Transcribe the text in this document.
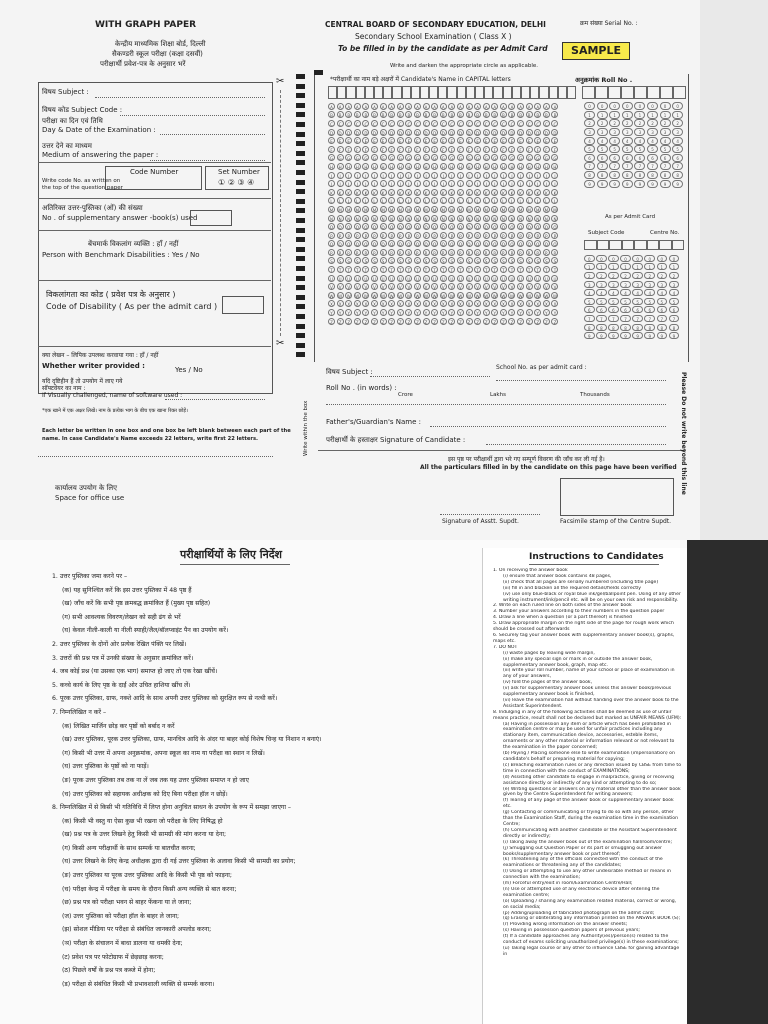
WITH GRAPH PAPER
केन्द्रीय माध्यमिक शिक्षा बोर्ड, दिल्ली
सैकण्डरी स्कूल परीक्षा (कक्षा दसवीं)
परीक्षार्थी प्रवेश-पत्र के अनुसार भरें
CENTRAL BOARD OF SECONDARY EDUCATION, DELHI
Secondary School Examination ( Class X )
To be filled in by the candidate as per Admit Card
Write and darken the appropriate circle as applicable.
क्रम संख्या Serial No. :
SAMPLE
विषय Subject :
विषय कोड Subject Code :
परीक्षा का दिन एवं तिथि
Day & Date of the Examination :
उत्तर देने का माध्यम
Medium of answering the paper :
Code Number	Set Number
① ② ③ ④
Write code No. as written on
the top of the question paper
अतिरिक्त उत्तर-पुस्तिका (ओं) की संख्या
No . of supplementary answer -book(s) used
बेंचमार्क विकलांग व्यक्ति : हाँ / नहीं
Person with Benchmark Disabilities : Yes / No
विकलांगता का कोड ( प्रवेश पत्र के अनुसार )
Code of Disability ( As per the admit card )
क्या लेखन – लिपिक उपलब्ध करवाया गया : हाँ / नहीं
Whether writer provided :	Yes / No
यदि दृष्टिहीन हैं तो उपयोग में लाए गये
सॉफ्टवेयर का नाम :
If Visually challenged, name of software used :
*एक खाने में एक अक्षर लिखें। नाम के प्रत्येक भाग के बीच एक खाना रिक्त छोड़ें।
Each letter be written in one box and one box be left blank between each part of the
name. In case Candidate's Name exceeds 22 letters, write first 22 letters.
कार्यालय उपयोग के लिए
Space for office use
✂
✂
*परीक्षार्थी का नाम बड़े अक्षरों में Candidate's Name in CAPITAL letters	अनुक्रमांक Roll No .
A	A	A	A	A	A	A	A	A	A	A	A	A	A	A	A	A	A	A	A	A	A	A	A	A	A	A
B	B	B	B	B	B	B	B	B	B	B	B	B	B	B	B	B	B	B	B	B	B	B	B	B	B	B
C	C	C	C	C	C	C	C	C	C	C	C	C	C	C	C	C	C	C	C	C	C	C	C	C	C	C
D	D	D	D	D	D	D	D	D	D	D	D	D	D	D	D	D	D	D	D	D	D	D	D	D	D	D
E	E	E	E	E	E	E	E	E	E	E	E	E	E	E	E	E	E	E	E	E	E	E	E	E	E	E
F	F	F	F	F	F	F	F	F	F	F	F	F	F	F	F	F	F	F	F	F	F	F	F	F	F	F
G	G	G	G	G	G	G	G	G	G	G	G	G	G	G	G	G	G	G	G	G	G	G	G	G	G	G
H	H	H	H	H	H	H	H	H	H	H	H	H	H	H	H	H	H	H	H	H	H	H	H	H	H	H
I	I	I	I	I	I	I	I	I	I	I	I	I	I	I	I	I	I	I	I	I	I	I	I	I	I	I
J	J	J	J	J	J	J	J	J	J	J	J	J	J	J	J	J	J	J	J	J	J	J	J	J	J	J
K	K	K	K	K	K	K	K	K	K	K	K	K	K	K	K	K	K	K	K	K	K	K	K	K	K	K
L	L	L	L	L	L	L	L	L	L	L	L	L	L	L	L	L	L	L	L	L	L	L	L	L	L	L
M	M	M	M	M	M	M	M	M	M	M	M	M	M	M	M	M	M	M	M	M	M	M	M	M	M	M
N	N	N	N	N	N	N	N	N	N	N	N	N	N	N	N	N	N	N	N	N	N	N	N	N	N	N
O	O	O	O	O	O	O	O	O	O	O	O	O	O	O	O	O	O	O	O	O	O	O	O	O	O	O
P	P	P	P	P	P	P	P	P	P	P	P	P	P	P	P	P	P	P	P	P	P	P	P	P	P	P
Q	Q	Q	Q	Q	Q	Q	Q	Q	Q	Q	Q	Q	Q	Q	Q	Q	Q	Q	Q	Q	Q	Q	Q	Q	Q	Q
R	R	R	R	R	R	R	R	R	R	R	R	R	R	R	R	R	R	R	R	R	R	R	R	R	R	R
S	S	S	S	S	S	S	S	S	S	S	S	S	S	S	S	S	S	S	S	S	S	S	S	S	S	S
T	T	T	T	T	T	T	T	T	T	T	T	T	T	T	T	T	T	T	T	T	T	T	T	T	T	T
U	U	U	U	U	U	U	U	U	U	U	U	U	U	U	U	U	U	U	U	U	U	U	U	U	U	U
V	V	V	V	V	V	V	V	V	V	V	V	V	V	V	V	V	V	V	V	V	V	V	V	V	V	V
W	W	W	W	W	W	W	W	W	W	W	W	W	W	W	W	W	W	W	W	W	W	W	W	W	W	W
X	X	X	X	X	X	X	X	X	X	X	X	X	X	X	X	X	X	X	X	X	X	X	X	X	X	X
Y	Y	Y	Y	Y	Y	Y	Y	Y	Y	Y	Y	Y	Y	Y	Y	Y	Y	Y	Y	Y	Y	Y	Y	Y	Y	Y
Z	Z	Z	Z	Z	Z	Z	Z	Z	Z	Z	Z	Z	Z	Z	Z	Z	Z	Z	Z	Z	Z	Z	Z	Z	Z	Z
0	0	0	0	0	0	0	0
1	1	1	1	1	1	1	1
2	2	2	2	2	2	2	2
3	3	3	3	3	3	3	3
4	4	4	4	4	4	4	4
5	5	5	5	5	5	5	5
6	6	6	6	6	6	6	6
7	7	7	7	7	7	7	7
8	8	8	8	8	8	8	8
9	9	9	9	9	9	9	9
As per Admit Card
Subject Code	Centre No.
0	0	0	0	0	0	0	0
1	1	1	1	1	1	1	1
2	2	2	2	2	2	2	2
3	3	3	3	3	3	3	3
4	4	4	4	4	4	4	4
5	5	5	5	5	5	5	5
6	6	6	6	6	6	6	6
7	7	7	7	7	7	7	7
8	8	8	8	8	8	8	8
9	9	9	9	9	9	9	9
विषय Subject :
School No. as per admit card :
Roll No . (in words) :
Crore	Lakhs	Thousands
Father's/Guardian's Name :
परीक्षार्थी के हस्ताक्षर Signature of Candidate :
Write within the box
इस पृष्ठ पर परीक्षार्थी द्वारा भरे गए सम्पूर्ण विवरण की जाँच कर ली गई है।
All the particulars filled in by the candidate on this page have been verified
Signature of Asstt. Supdt.	Facsimile stamp of the Centre Supdt.
Please Do not write beyond this line
परीक्षार्थियों के लिए निर्देश
1. उत्तर पुस्तिका जमा करने पर –
(क) यह सुनिश्चित करें कि इस उत्तर पुस्तिका में 48 पृष्ठ हैं
(ख) जाँच करें कि सभी पृष्ठ क्रमबद्ध क्रमांकित हैं (मुख्य पृष्ठ सहित)
(ग) सभी आवश्यक विवरण/लेखन को सही ढंग से भरें
(घ) केवल नीली-काली या नीली स्याही/जैल/बॉलप्वाइंट पैन का उपयोग करें।
2. उत्तर पुस्तिका के दोनों ओर प्रत्येक रेखित पंक्ति पर लिखें।
3. उत्तरों की प्रश्न पत्र में उनकी संख्या के अनुसार क्रमांकित करें।
4. जब कोई प्रश्न (या उसका एक भाग) समाप्त हो जाए तो एक रेखा खींचें।
5. कच्चे कार्य के लिए पृष्ठ के दाईं ओर उचित हाशिया खींच लें।
6. पूरक उत्तर पुस्तिका, ग्राफ, नक्शे आदि के साथ अपनी उत्तर पुस्तिका को सुरक्षित रूप से नत्थी करें।
7. निम्नलिखित न करें –
(क) लिखित मार्जिन छोड़ कर पृष्ठों को बर्बाद न करें
(ख) उत्तर पुस्तिका, पूरक उत्तर पुस्तिका, ग्राफ, मानचित्र आदि के अंदर या बाहर कोई विशेष चिन्ह या निशान न बनाएं।
(ग) किसी भी उत्तर में अपना अनुक्रमांक, अपना स्कूल का नाम या परीक्षा का स्थान न लिखें।
(घ) उत्तर पुस्तिका के पृष्ठों को ना फाड़ें।
(ङ) पूरक उत्तर पुस्तिका तब तक ना लें जब तक यह उत्तर पुस्तिका समाप्त न हो जाए
(च) उत्तर पुस्तिका को सहायक अधीक्षक को दिए बिना परीक्षा हॉल न छोड़ें।
8. निम्नलिखित में से किसी भी गतिविधि में लिप्त होना अनुचित साधन के उपयोग के रूप में समझा जाएगा –
(क) किसी भी वस्तु या ऐसा कुछ भी रखना जो परीक्षा के लिए निषिद्ध हो
(ख) प्रश्न पत्र के उत्तर लिखने हेतु किसी भी सामग्री की मांग करना या देना;
(ग) किसी अन्य परीक्षार्थी के साथ सम्पर्क या बातचीत करना;
(घ) उत्तर लिखने के लिए केन्द्र अधीक्षक द्वारा दी गई उत्तर पुस्तिका के अलावा किसी भी सामग्री का प्रयोग;
(ङ) उत्तर पुस्तिका या पूरक उत्तर पुस्तिका आदि के किसी भी पृष्ठ को फाड़ना;
(च) परीक्षा केन्द्र में परीक्षा के समय के दौरान किसी अन्य व्यक्ति से बात करना;
(छ) प्रश्न पत्र को परीक्षा भवन से बाहर फेंकना या ले जाना;
(ज) उत्तर पुस्तिका को परीक्षा हॉल के बाहर ले जाना;
(झ) सोशल मीडिया पर परीक्षा से संबंधित जानकारी अपलोड करना;
(ञ) परीक्षा के संचालन में बाधा डालना या धमकी देना;
(ट) प्रवेश पत्र पर फोटोग्राफ में छेड़छाड़ करना;
(ठ) पिछले वर्षों के प्रश्न पत्र कब्जे में होना;
(ड) परीक्षा से संबंधित किसी भी प्रभावशाली व्यक्ति से सम्पर्क करना।
Instructions to Candidates
1. On receiving the answer book
(i) ensure that answer book contains 48 pages,
(ii) check that all pages are serially numbered (including title page)
(iii) fill in and blacken all the required details/fields correctly
(iv) use only blue-black or royal blue ink/gel/ballpoint pen. Using of any other writing instrument/ink/pencil etc. will be on your own risk and responsibility.
2. Write on each ruled line on both sides of the answer book
3. Number your answers according to their numbers in the question paper
4. Draw a line when a question (or a part thereof) is finished
5. Draw appropriate margin on the right side of the page for rough work which should be crossed out afterwards
6. Securely tag your answer book with supplementary answer book(s), graphs, maps etc.
7. DO NOT
(i) waste pages by leaving wide margin,
(ii) make any special sign or mark in or outside the answer book, supplementary answer book, graph, map etc.
(iii) write your roll number, name of your school or place of examination in any of your answers,
(iv) fold the pages of the answer book,
(v) ask for supplementary answer book unless this answer book/previous supplementary answer book is finished,
(vi) leave the examination hall without handing over the answer book to the Assistant Superintendent.
8. Indulging in any of the following activities shall be deemed as use of unfair means practice, result shall not be declared but marked as UNFAIR MEANS (UFM):
(a) Having in possession any item or article which has been prohibited in examination centre or may be used for unfair practices including any stationary item, communication device, accessories, esteble items, ornaments or any other material or information relevant or not relevant to the examination in the paper concerned;
(b) Paying / Placing someone else to write examination (impersonation) on candidate's behalf or preparing material for copying;
(c) Breaching examination rules or any direction issued by CBSE from time to time in connection with the conduct of EXAMINATIONS;
(d) Assisting other candidate to engage in malpractice, giving or receiving assistance directly or indirectly of any kind or attempting to do so;
(e) Writing questions or answers on any material other than the answer book given by the Centre Superintendent for writing answers;
(f) Tearing of any page of the answer book or supplementary answer book etc.
(g) Contacting or communicating or trying to do so with any person, other than the Examination Staff, during the examination time in the examination Centre;
(h) Communicating with another candidate or the Assistant Superintendent directly or indirectly;
(i) Taking away the answer book out of the examination hall/room/centre;
(j) Smuggling out Question Paper or its part or smuggling out answer books/supplementary answer book or part thereof;
(k) Threatening any of the officials connected with the conduct of the examinations or threatening any of the candidates;
(l) Using or attempting to use any other undesirable method or means in connection with the examination;
(m) Forceful entry/exit in room/Examination Centre/Hall;
(n) Use or attempted use of any electronic device after entering the examination centre;
(o) Uploading / sharing any examination related material, correct or wrong, on social media;
(p) Adding/uploading of fabricated photograph on the admit card;
(q) Erasing or obliterating any information printed on the ANSWER BOOK (S);
(r) Providing wrong information on the answer sheets;
(s) Having in possession question papers of previous years;
(t) If a candidate approaches any Authority(ies)/person(s) related to the conduct of exams soliciting unauthorized privilege(s) in these examinations;
(u) Taking legal course or any other to influence CBSE for gaining advantage in
